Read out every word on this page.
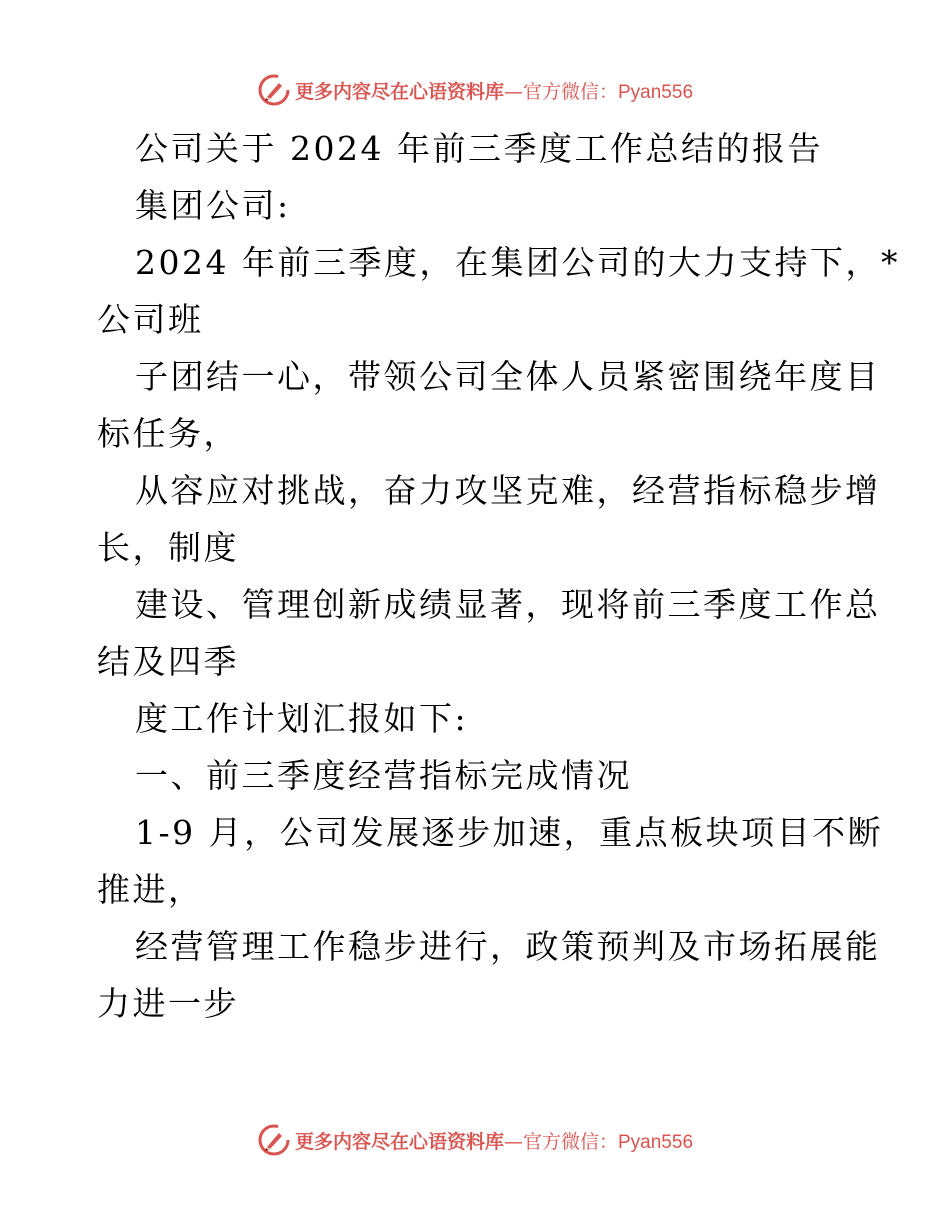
更多内容尽在心语资料库—官方微信：Pyan556
公司关于 2024 年前三季度工作总结的报告
集团公司:
2024 年前三季度，在集团公司的大力支持下，*
公司班
子团结一心，带领公司全体人员紧密围绕年度目
标任务，
从容应对挑战，奋力攻坚克难，经营指标稳步增
长，制度
建设、管理创新成绩显著，现将前三季度工作总
结及四季
度工作计划汇报如下:
一、前三季度经营指标完成情况
1-9 月，公司发展逐步加速，重点板块项目不断
推进，
经营管理工作稳步进行，政策预判及市场拓展能
力进一步
更多内容尽在心语资料库—官方微信：Pyan556
